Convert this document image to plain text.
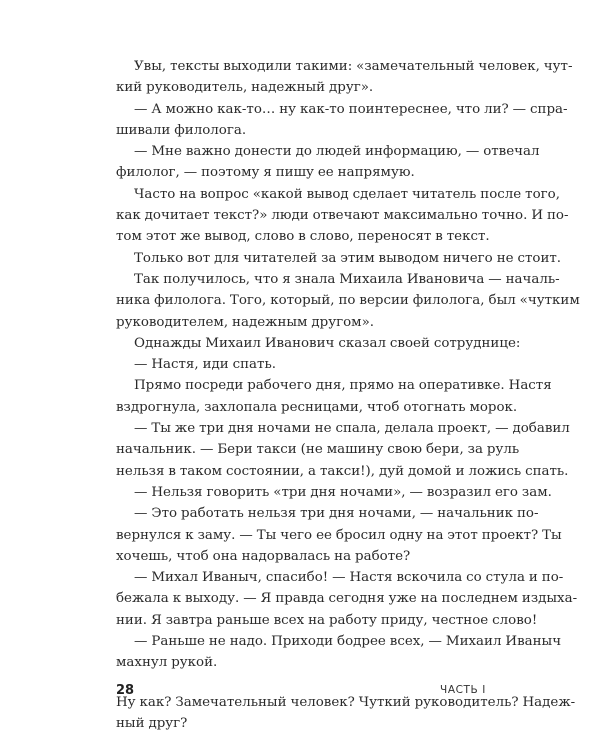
Увы, тексты выходили такими: «замечательный человек, чут-
кий руководитель, надежный друг».
— А можно как-то… ну как-то поинтереснее, что ли? — спра-
шивали филолога.
— Мне важно донести до людей информацию, — отвечал
филолог, — поэтому я пишу ее напрямую.
Часто на вопрос «какой вывод сделает читатель после того,
как дочитает текст?» люди отвечают максимально точно. И по-
том этот же вывод, слово в слово, переносят в текст.
Только вот для читателей за этим выводом ничего не стоит.
Так получилось, что я знала Михаила Ивановича — началь-
ника филолога. Того, который, по версии филолога, был «чутким
руководителем, надежным другом».
Однажды Михаил Иванович сказал своей сотруднице:
— Настя, иди спать.
Прямо посреди рабочего дня, прямо на оперативке. Настя
вздрогнула, захлопала ресницами, чтоб отогнать морок.
— Ты же три дня ночами не спала, делала проект, — добавил
начальник. — Бери такси (не машину свою бери, за руль
нельзя в таком состоянии, а такси!), дуй домой и ложись спать.
— Нельзя говорить «три дня ночами», — возразил его зам.
— Это работать нельзя три дня ночами, — начальник по-
вернулся к заму. — Ты чего ее бросил одну на этот проект? Ты
хочешь, чтоб она надорвалась на работе?
— Михал Иваныч, спасибо! — Настя вскочила со стула и по-
бежала к выходу. — Я правда сегодня уже на последнем издыха-
нии. Я завтра раньше всех на работу приду, честное слово!
— Раньше не надо. Приходи бодрее всех, — Михаил Иваныч
махнул рукой.
Ну как? Замечательный человек? Чуткий руководитель? Надеж-
ный друг?
28	ЧАСТЬ I
